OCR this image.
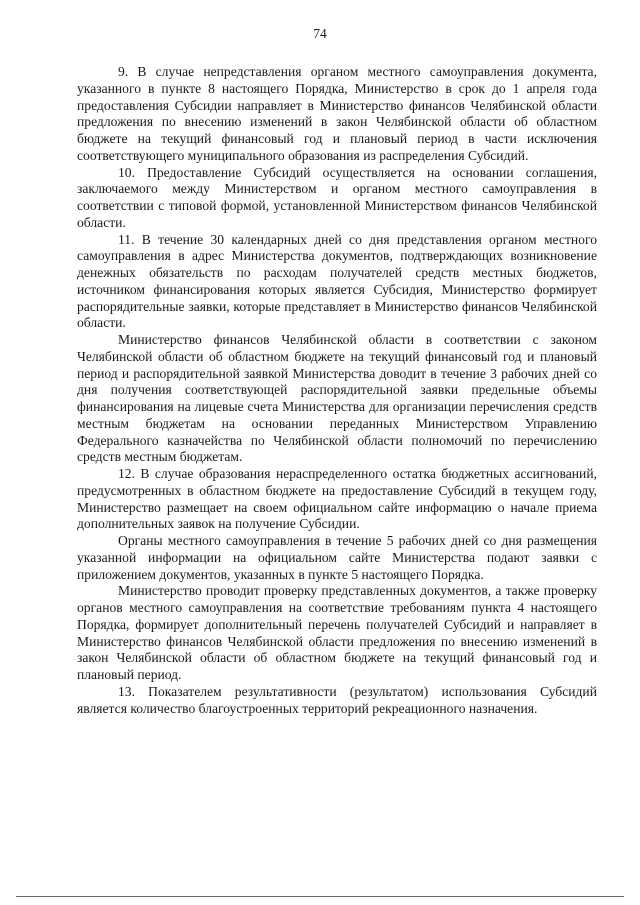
74

9. В случае непредставления органом местного самоуправления документа, указанного в пункте 8 настоящего Порядка, Министерство в срок до 1 апреля года предоставления Субсидии направляет в Министерство финансов Челябинской области предложения по внесению изменений в закон Челябинской области об областном бюджете на текущий финансовый год и плановый период в части исключения соответствующего муниципального образования из распределения Субсидий.

10. Предоставление Субсидий осуществляется на основании соглашения, заключаемого между Министерством и органом местного самоуправления в соответствии с типовой формой, установленной Министерством финансов Челябинской области.

11. В течение 30 календарных дней со дня представления органом местного самоуправления в адрес Министерства документов, подтверждающих возникновение денежных обязательств по расходам получателей средств местных бюджетов, источником финансирования которых является Субсидия, Министерство формирует распорядительные заявки, которые представляет в Министерство финансов Челябинской области.

Министерство финансов Челябинской области в соответствии с законом Челябинской области об областном бюджете на текущий финансовый год и плановый период и распорядительной заявкой Министерства доводит в течение 3 рабочих дней со дня получения соответствующей распорядительной заявки предельные объемы финансирования на лицевые счета Министерства для организации перечисления средств местным бюджетам на основании переданных Министерством Управлению Федерального казначейства по Челябинской области полномочий по перечислению средств местным бюджетам.

12. В случае образования нераспределенного остатка бюджетных ассигнований, предусмотренных в областном бюджете на предоставление Субсидий в текущем году, Министерство размещает на своем официальном сайте информацию о начале приема дополнительных заявок на получение Субсидии.

Органы местного самоуправления в течение 5 рабочих дней со дня размещения указанной информации на официальном сайте Министерства подают заявки с приложением документов, указанных в пункте 5 настоящего Порядка.

Министерство проводит проверку представленных документов, а также проверку органов местного самоуправления на соответствие требованиям пункта 4 настоящего Порядка, формирует дополнительный перечень получателей Субсидий и направляет в Министерство финансов Челябинской области предложения по внесению изменений в закон Челябинской области об областном бюджете на текущий финансовый год и плановый период.

13. Показателем результативности (результатом) использования Субсидий является количество благоустроенных территорий рекреационного назначения.
